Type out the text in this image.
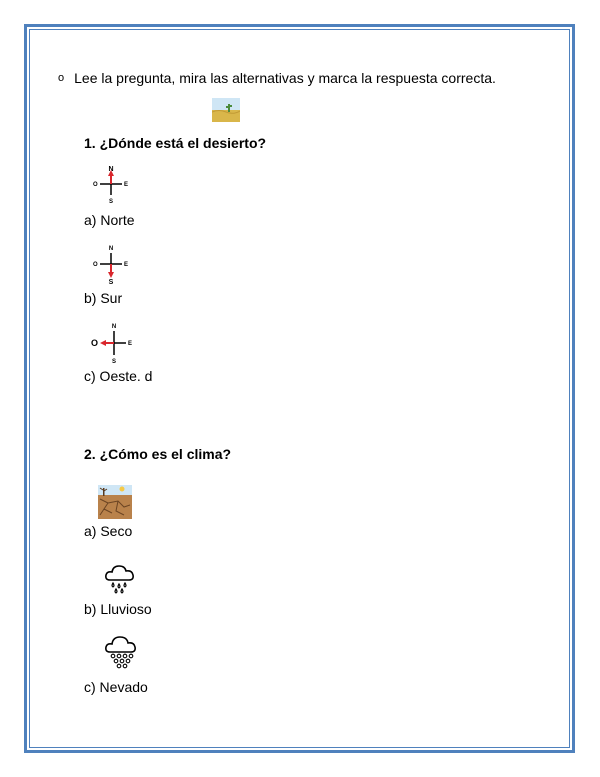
o Lee la pregunta, mira las alternativas y marca la respuesta correcta.
1. ¿Dónde está el desierto?
N
S
E
O
a) Norte
N
S
E
O
b) Sur
N
S
E
O
c) Oeste. d
2. ¿Cómo es el clima?
a) Seco
b) Lluvioso
c) Nevado
